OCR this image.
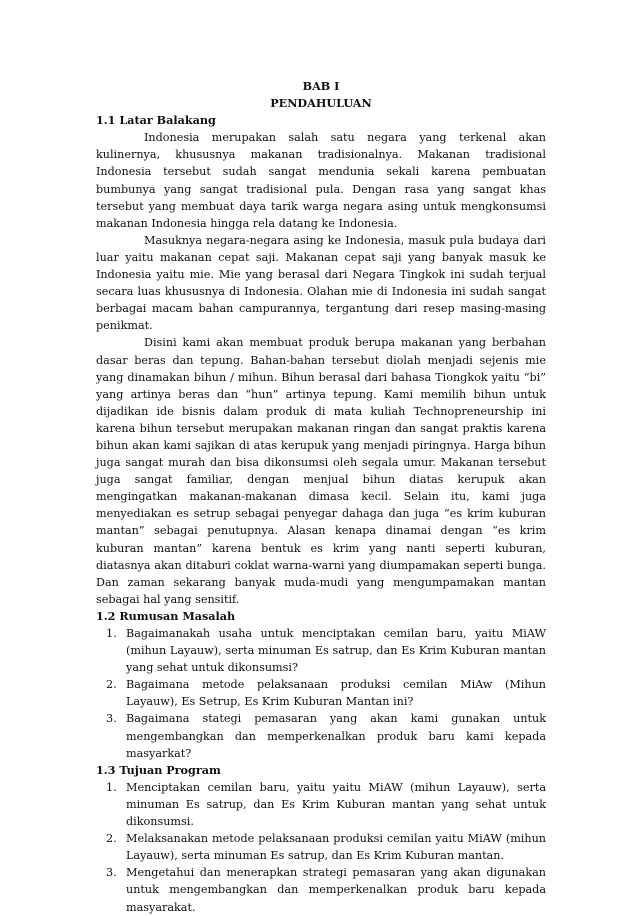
BAB I
PENDAHULUAN
1.1 Latar Balakang

Indonesia merupakan salah satu negara yang terkenal akan kulinernya, khususnya makanan tradisionalnya. Makanan tradisional Indonesia tersebut sudah sangat mendunia sekali karena pembuatan bumbunya yang sangat tradisional pula. Dengan rasa yang sangat khas tersebut yang membuat daya tarik warga negara asing untuk mengkonsumsi makanan Indonesia hingga rela datang ke Indonesia.

Masuknya negara-negara asing ke Indonesia, masuk pula budaya dari luar yaitu makanan cepat saji. Makanan cepat saji yang banyak masuk ke Indonesia yaitu mie. Mie yang berasal dari Negara Tingkok ini sudah terjual secara luas khususnya di Indonesia. Olahan mie di Indonesia ini sudah sangat berbagai macam bahan campurannya, tergantung dari resep masing-masing penikmat.

Disini kami akan membuat produk berupa makanan yang berbahan dasar beras dan tepung. Bahan-bahan tersebut diolah menjadi sejenis mie yang dinamakan bihun / mihun. Bihun berasal dari bahasa Tiongkok yaitu “bi” yang artinya beras dan “hun” artinya tepung. Kami memilih bihun untuk dijadikan ide bisnis dalam produk di mata kuliah Technopreneurship ini karena bihun tersebut merupakan makanan ringan dan sangat praktis karena bihun akan kami sajikan di atas kerupuk yang menjadi piringnya. Harga bihun juga sangat murah dan bisa dikonsumsi oleh segala umur. Makanan tersebut juga sangat familiar, dengan menjual bihun diatas kerupuk akan mengingatkan makanan-makanan dimasa kecil. Selain itu, kami juga menyediakan es setrup sebagai penyegar dahaga dan juga “es krim kuburan mantan” sebagai penutupnya. Alasan kenapa dinamai dengan “es krim kuburan mantan” karena bentuk es krim yang nanti seperti kuburan, diatasnya akan ditaburi coklat warna-warni yang diumpamakan seperti bunga. Dan zaman sekarang banyak muda-mudi yang mengumpamakan mantan sebagai hal yang sensitif.

1.2 Rumusan Masalah
1. Bagaimanakah usaha untuk menciptakan cemilan baru, yaitu MiAW (mihun Layauw), serta minuman Es satrup, dan Es Krim Kuburan mantan yang sehat untuk dikonsumsi?
2. Bagaimana metode pelaksanaan produksi cemilan MiAw (Mihun Layauw), Es Setrup, Es Krim Kuburan Mantan ini?
3. Bagaimana stategi pemasaran yang akan kami gunakan untuk mengembangkan dan memperkenalkan produk baru kami kepada masyarkat?
1.3 Tujuan Program
1. Menciptakan cemilan baru, yaitu yaitu MiAW (mihun Layauw), serta minuman Es satrup, dan Es Krim Kuburan mantan yang sehat untuk dikonsumsi.
2. Melaksanakan metode pelaksanaan produksi cemilan yaitu MiAW (mihun Layauw), serta minuman Es satrup, dan Es Krim Kuburan mantan.
3. Mengetahui dan menerapkan strategi pemasaran yang akan digunakan untuk mengembangkan dan memperkenalkan produk baru kepada masyarakat.
